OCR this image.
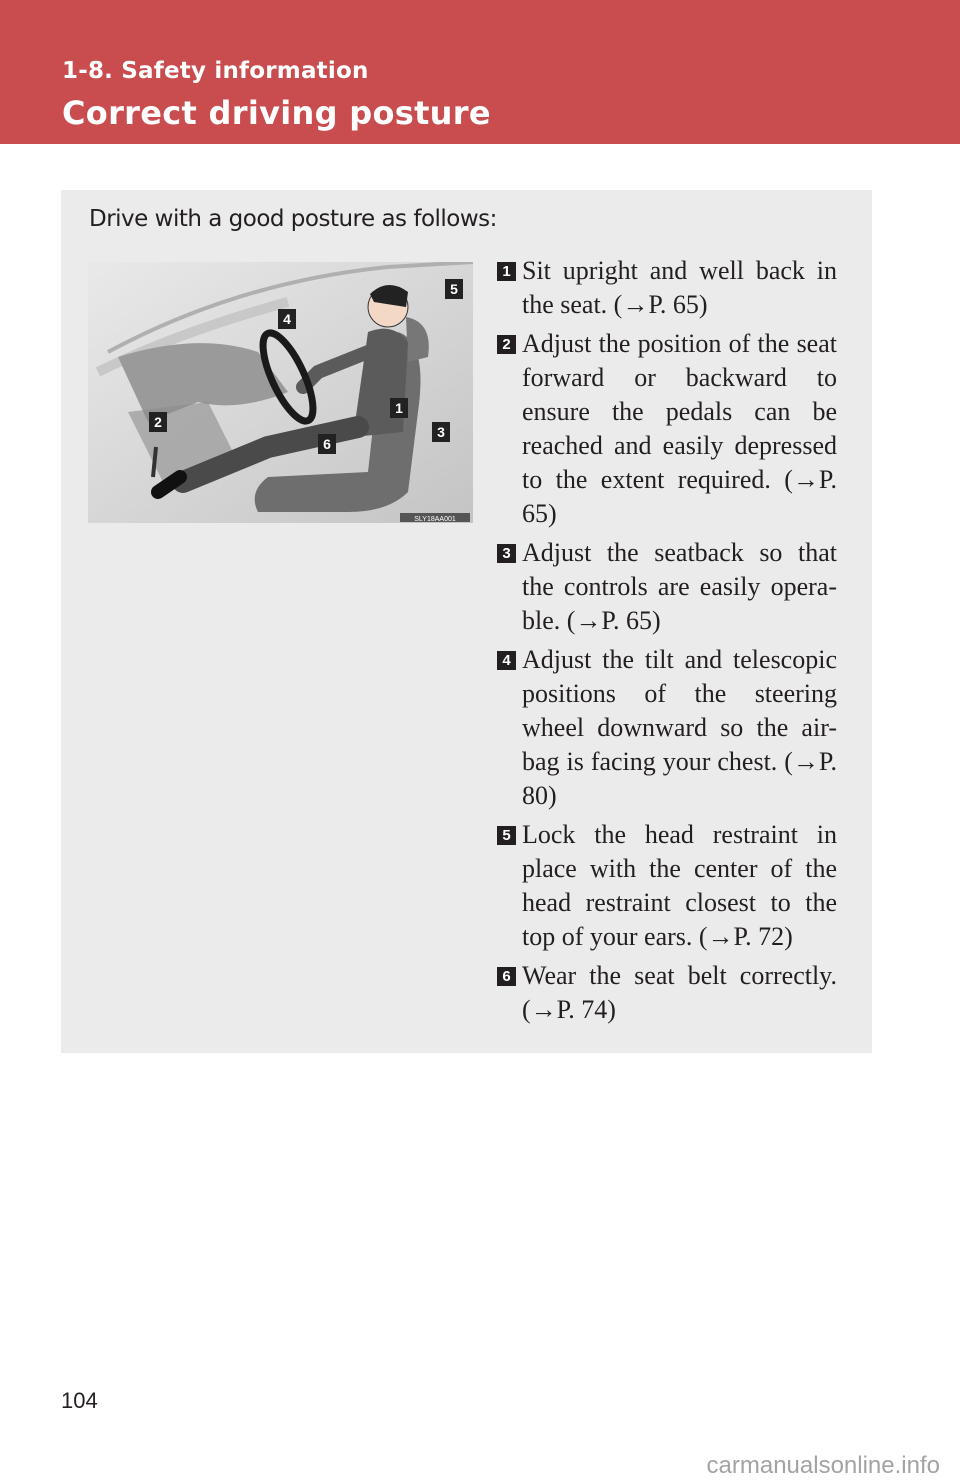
1-8. Safety information
Correct driving posture
Drive with a good posture as follows:
5
4
1
3
2
6
SLY18AA001
1 Sit upright and well back in the seat. (→P. 65)
2 Adjust the position of the seat forward or backward to ensure the pedals can be reached and easily depressed to the extent required. (→P. 65)
3 Adjust the seatback so that the controls are easily opera-ble. (→P. 65)
4 Adjust the tilt and telescopic positions of the steering wheel downward so the air-bag is facing your chest. (→P. 80)
5 Lock the head restraint in place with the center of the head restraint closest to the top of your ears. (→P. 72)
6 Wear the seat belt correctly. (→P. 74)
104
carmanualsonline.info
